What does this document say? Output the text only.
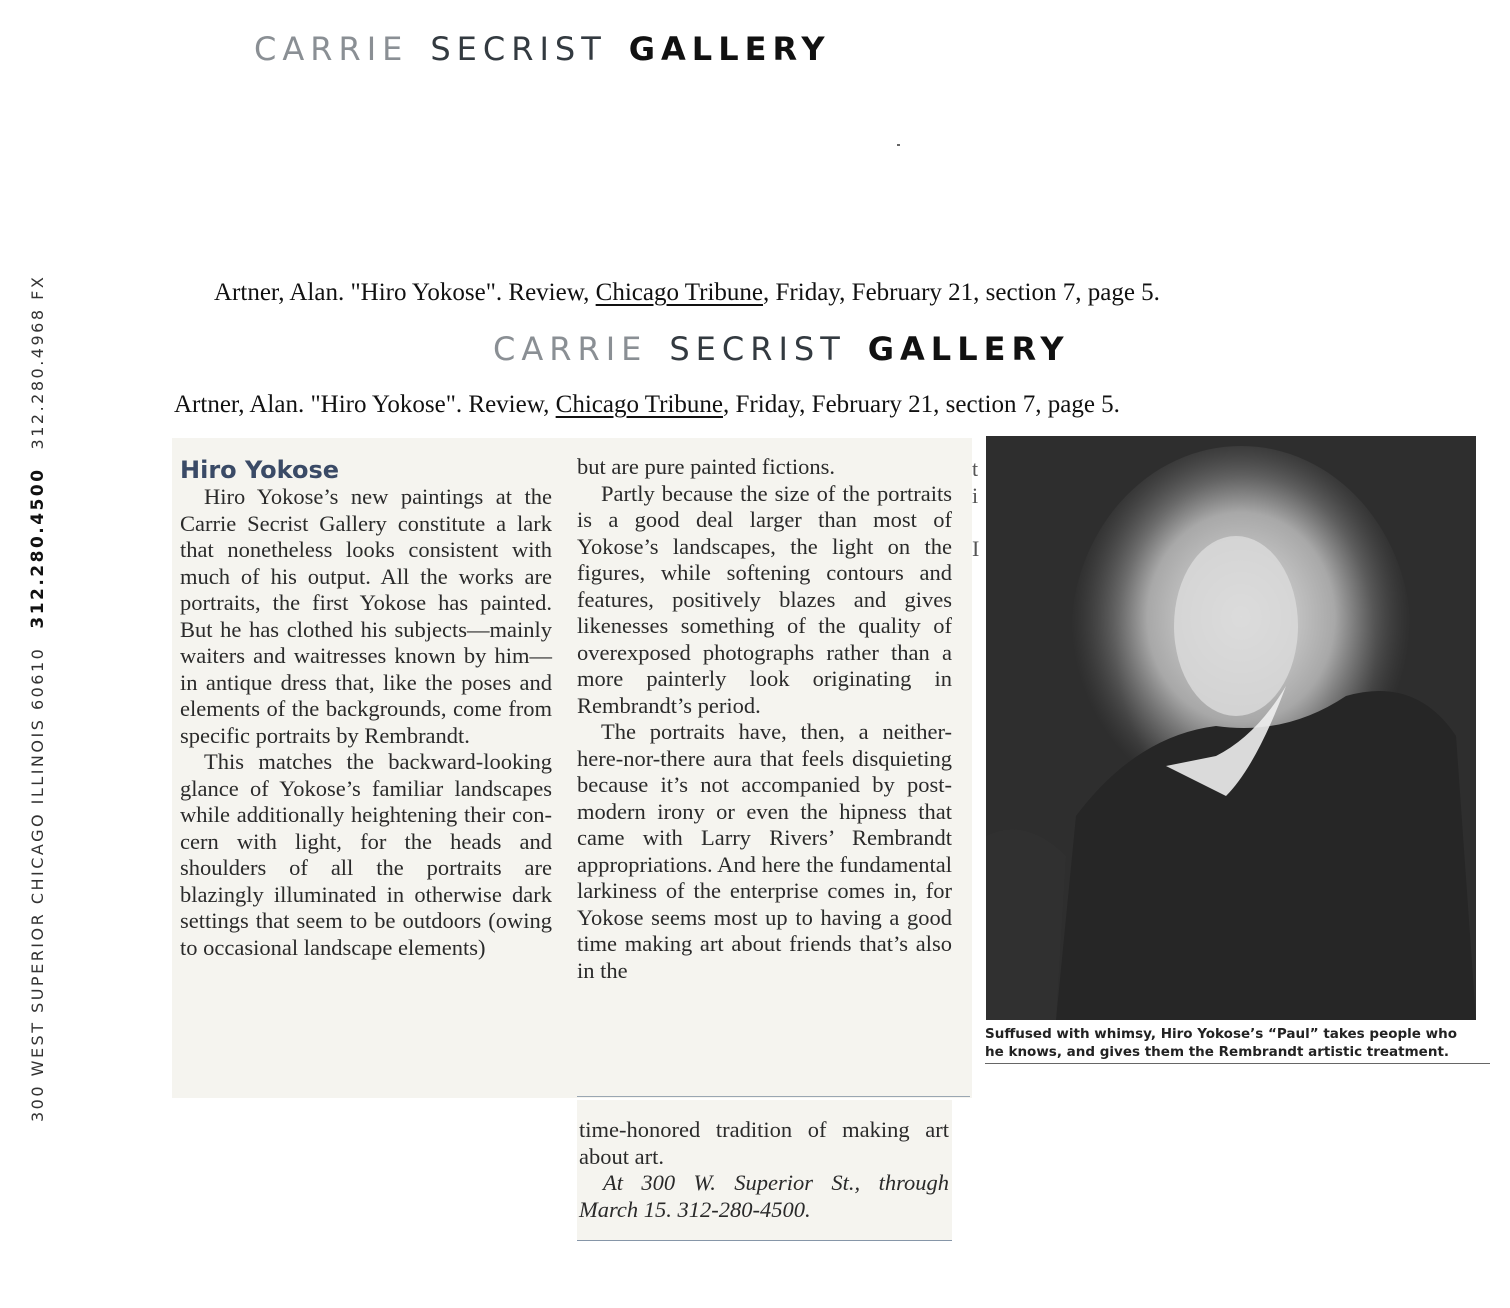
CARRIE SECRIST GALLERY
Artner, Alan. "Hiro Yokose". Review, Chicago Tribune, Friday, February 21, section 7, page 5.
CARRIE SECRIST GALLERY
Artner, Alan. "Hiro Yokose". Review, Chicago Tribune, Friday, February 21, section 7, page 5.
300 WEST SUPERIOR CHICAGO ILLINOIS 60610312.280.4500312.280.4968 FX
Hiro Yokose

Hiro Yokose’s new paintings at the Carrie Secrist Gallery constitute a lark that nonetheless looks consistent with much of his output. All the works are portraits, the first Yokose has painted. But he has clothed his subjects—mainly waiters and waitresses known by him—in antique dress that, like the poses and elements of the backgrounds, come from specific portraits by Rembrandt.

This matches the backward-looking glance of Yokose’s familiar landscapes while additionally heightening their concern with light, for the heads and shoulders of all the portraits are blazingly illuminated in otherwise dark settings that seem to be outdoors (owing to occasional landscape elements)

but are pure painted fictions.

Partly because the size of the portraits is a good deal larger than most of Yokose’s landscapes, the light on the figures, while softening contours and features, positively blazes and gives likenesses something of the quality of overexposed photographs rather than a more painterly look originating in Rembrandt’s period.

The portraits have, then, a neither-here-nor-there aura that feels disquieting because it’s not accompanied by postmodern irony or even the hipness that came with Larry Rivers’ Rembrandt appropriations. And here the fundamental larkiness of the enterprise comes in, for Yokose seems most up to having a good time making art about friends that’s also in the

t
i

I

time-honored tradition of making art about art.

At 300 W. Superior St., through March 15. 312-280-4500.

Suffused with whimsy, Hiro Yokose’s “Paul” takes people who he knows, and gives them the Rembrandt artistic treatment.
